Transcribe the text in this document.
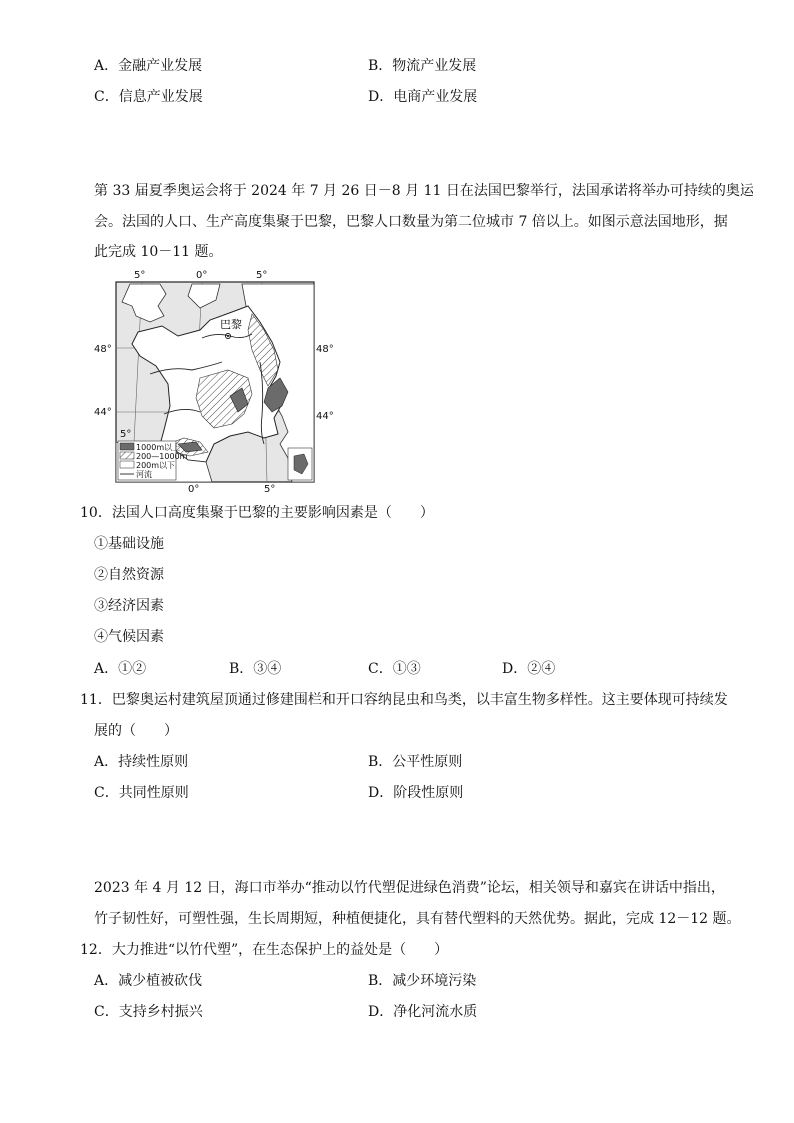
A．金融产业发展	B．物流产业发展
C．信息产业发展	D．电商产业发展
第 33 届夏季奥运会将于 2024 年 7 月 26 日－8 月 11 日在法国巴黎举行，法国承诺将举办可持续的奥运
会。法国的人口、生产高度集聚于巴黎，巴黎人口数量为第二位城市 7 倍以上。如图示意法国地形，据
此完成 10－11 题。
巴黎
5°	0°	5°
0°	5°
48°
44°
48°
44°
5°
1000m以上
200—1000m
200m以下
河流
10．法国人口高度集聚于巴黎的主要影响因素是（　　）
①基础设施
②自然资源
③经济因素
④气候因素
A．①②	B．③④	C．①③	D．②④
11．巴黎奥运村建筑屋顶通过修建围栏和开口容纳昆虫和鸟类，以丰富生物多样性。这主要体现可持续发
展的（　　）
A．持续性原则	B．公平性原则
C．共同性原则	D．阶段性原则
2023 年 4 月 12 日，海口市举办“推动以竹代塑促进绿色消费”论坛，相关领导和嘉宾在讲话中指出，
竹子韧性好，可塑性强，生长周期短，种植便捷化，具有替代塑料的天然优势。据此，完成 12－12 题。
12．大力推进“以竹代塑”，在生态保护上的益处是（　　）
A．减少植被砍伐	B．减少环境污染
C．支持乡村振兴	D．净化河流水质
